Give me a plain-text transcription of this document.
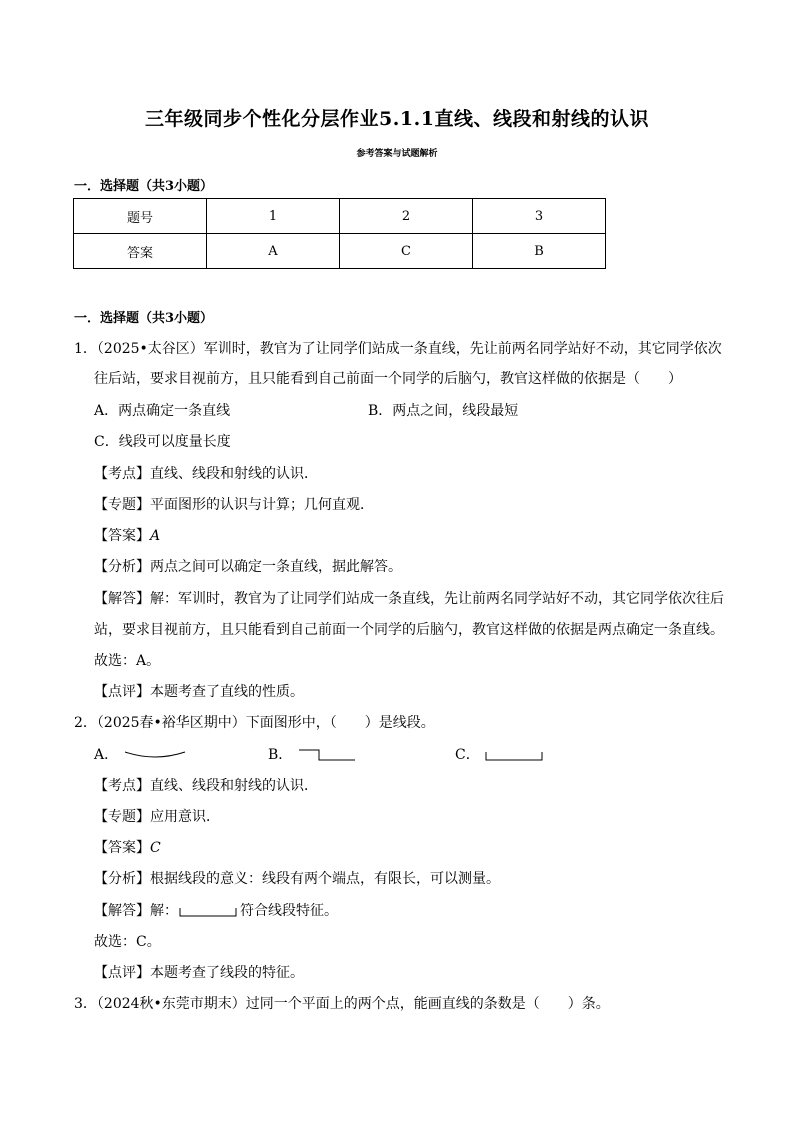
三年级同步个性化分层作业5.1.1直线、线段和射线的认识
参考答案与试题解析
一．选择题（共3小题）
题号	1	2	3
答案	A	C	B
一．选择题（共3小题）
1．（2025•太谷区）军训时，教官为了让同学们站成一条直线，先让前两名同学站好不动，其它同学依次
往后站，要求目视前方，且只能看到自己前面一个同学的后脑勺，教官这样做的依据是（　　）
A．两点确定一条直线	B．两点之间，线段最短
C．线段可以度量长度
【考点】直线、线段和射线的认识．
【专题】平面图形的认识与计算；几何直观．
【答案】A
【分析】两点之间可以确定一条直线，据此解答。
【解答】解：军训时，教官为了让同学们站成一条直线，先让前两名同学站好不动，其它同学依次往后
站，要求目视前方，且只能看到自己前面一个同学的后脑勺，教官这样做的依据是两点确定一条直线。
故选：A。
【点评】本题考查了直线的性质。
2．（2025春•裕华区期中）下面图形中，（　　）是线段。
A．	B．	C．
【考点】直线、线段和射线的认识．
【专题】应用意识．
【答案】C
【分析】根据线段的意义：线段有两个端点，有限长，可以测量。
【解答】解：	符合线段特征。
故选：C。
【点评】本题考查了线段的特征。
3．（2024秋•东莞市期末）过同一个平面上的两个点，能画直线的条数是（　　）条。
